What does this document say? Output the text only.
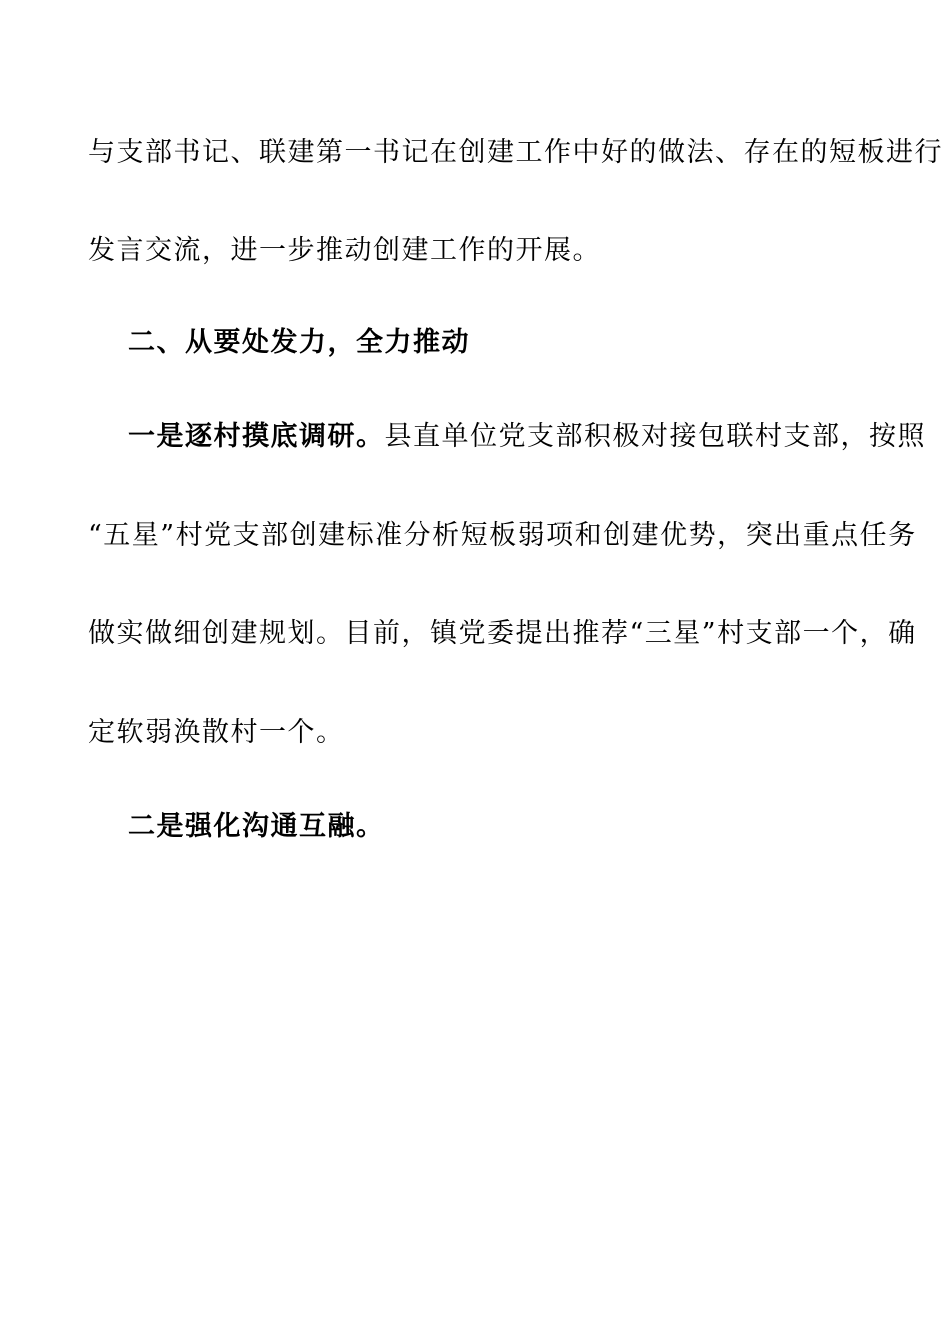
与支部书记、联建第一书记在创建工作中好的做法、存在的短板进行
发言交流，进一步推动创建工作的开展。
二、从要处发力，全力推动
一是逐村摸底调研。县直单位党支部积极对接包联村支部，按照
“五星”村党支部创建标准分析短板弱项和创建优势，突出重点任务
做实做细创建规划。目前，镇党委提出推荐“三星”村支部一个，确
定软弱涣散村一个。
二是强化沟通互融。
